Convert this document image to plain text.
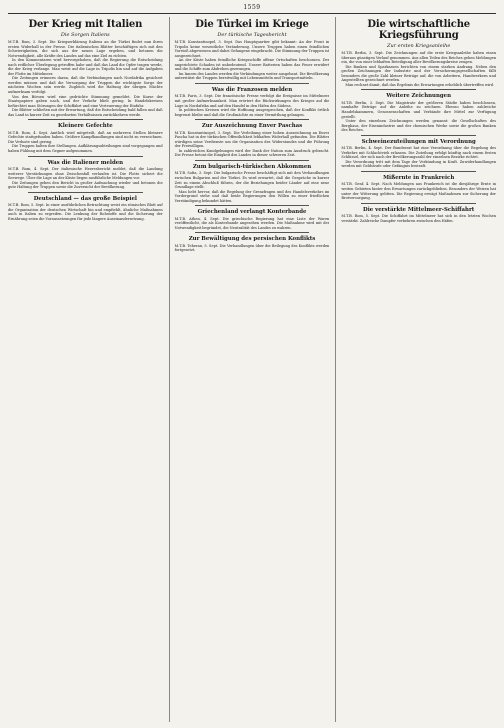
1559
Der Krieg mit Italien
Die Sorgen Italiens

M.T.B. Rom, 3. Sept. Die Kriegserklärung Italiens an die Türkei findet nun ihren ersten Widerhall in der Presse. Die italienischen Blätter beschäftigen sich mit den Schwierigkeiten, die sich aus der neuen Lage ergeben, und betonen die Notwendigkeit, alle Kräfte des Landes auf das eine Ziel zu richten.

In den Kommentaren wird hervorgehoben, daß die Regierung die Entscheidung nach reiflicher Überlegung getroffen habe und daß das Land die Opfer tragen werde, die der Krieg verlange. Man weist auf die Lage in Tripolis hin und auf die Aufgaben der Flotte im Mittelmeer.

Die Zeitungen erinnern daran, daß die Verbindungen nach Nordafrika gesichert werden müssen und daß die Versorgung der Truppen die wichtigste Sorge der nächsten Wochen sein werde. Zugleich wird die Haltung der übrigen Mächte aufmerksam verfolgt.

Von den Börsen wird eine gedrückte Stimmung gemeldet. Die Kurse der Staatspapiere gaben nach, und der Verkehr blieb gering. In Handelskreisen befürchtet man Störungen der Schiffahrt und eine Verteuerung der Einfuhr.

Die Blätter schließen mit der Erwartung, daß die Entscheidung bald fallen und daß das Land in kurzer Zeit zu geordneten Verhältnissen zurückkehren werde.

Kleinere Gefechte

M.T.B. Rom, 4. Sept. Amtlich wird mitgeteilt, daß an mehreren Stellen kleinere Gefechte stattgefunden haben. Größere Kampfhandlungen sind nicht zu verzeichnen. Die Verluste sind gering.

Die Truppen halten ihre Stellungen. Aufklärungsabteilungen sind vorgegangen und haben Fühlung mit dem Gegner aufgenommen.

Was die Italiener melden

M.T.B. Rom, 4. Sept. Der italienische Heeresbericht meldet, daß die Landung weiterer Verstärkungen ohne Zwischenfall verlaufen ist. Die Flotte sichert die Seewege. Über die Lage an der Küste liegen ausführliche Meldungen vor.

Die Zeitungen geben den Bericht in großer Aufmachung wieder und betonen die gute Haltung der Truppen sowie die Zuversicht der Bevölkerung.

Deutschland — das große Beispiel

M.T.B. Rom, 5. Sept. In einer ausführlichen Betrachtung weist ein römisches Blatt auf die Organisation der deutschen Wirtschaft hin und empfiehlt, ähnliche Maßnahmen auch in Italien zu ergreifen. Die Lenkung der Rohstoffe und die Sicherung der Ernährung seien die Voraussetzungen für jede längere Auseinandersetzung.

Die Türkei im Kriege
Der türkische Tagesbericht

M.T.B. Konstantinopel, 3. Sept. Das Hauptquartier gibt bekannt: An der Front in Tripolis keine wesentliche Veränderung. Unsere Truppen haben einen feindlichen Vorstoß abgewiesen und dabei Gefangene eingebracht. Die Stimmung der Truppen ist ausgezeichnet.

An der Küste haben feindliche Kriegsschiffe offene Ortschaften beschossen. Der angerichtete Schaden ist unbedeutend. Unsere Batterien haben das Feuer erwidert und die Schiffe zum Abdrehen gezwungen.

Im Innern des Landes werden die Verbindungen weiter ausgebaut. Die Bevölkerung unterstützt die Truppen bereitwillig mit Lebensmitteln und Transportmitteln.

Was die Franzosen melden

M.T.B. Paris, 3. Sept. Die französische Presse verfolgt die Ereignisse im Mittelmeer mit großer Aufmerksamkeit. Man erörtert die Rückwirkungen des Krieges auf die Lage in Nordafrika und auf den Handel in den Häfen des Südens.

In politischen Kreisen wird die Hoffnung ausgesprochen, daß der Konflikt örtlich begrenzt bleibe und daß die Großmächte zu einer Vermittlung gelangen.

Zur Auszeichnung Enver Paschas

M.T.B. Konstantinopel, 3. Sept. Die Verleihung einer hohen Auszeichnung an Enver Pascha hat in der türkischen Öffentlichkeit lebhaften Widerhall gefunden. Die Blätter würdigen seine Verdienste um die Organisation des Widerstandes und die Führung der Freiwilligen.

In zahlreichen Kundgebungen wird der Dank der Nation zum Ausdruck gebracht. Die Presse betont die Einigkeit des Landes in dieser schweren Zeit.

Zum bulgarisch-türkischen Abkommen

M.T.B. Sofia, 3. Sept. Die bulgarische Presse beschäftigt sich mit den Verhandlungen zwischen Bulgarien und der Türkei. Es wird erwartet, daß die Gespräche in kurzer Zeit zu einem Abschluß führen, der die Beziehungen beider Länder auf eine neue Grundlage stellt.

Man hebt hervor, daß die Regelung der Grenzfragen und des Handelsverkehrs im Vordergrund stehe und daß beide Regierungen den Willen zu einer friedlichen Verständigung bekundet hätten.

Griechenland verlangt Konterbande

M.T.B. Athen, 4. Sept. Die griechische Regierung hat eine Liste der Waren veröffentlicht, die als Konterbande angesehen werden. Die Maßnahme wird mit der Notwendigkeit begründet, die Neutralität des Landes zu wahren.

Zur Bewältigung des persischen Konflikts

M.T.B. Teheran, 5. Sept. Die Verhandlungen über die Beilegung des Konflikts werden fortgesetzt.

Die wirtschaftliche Kriegsführung
Zur ersten Kriegsanleihe

M.T.B. Berlin, 3. Sept. Die Zeichnungen auf die erste Kriegsanleihe haben einen überaus günstigen Verlauf genommen. Aus allen Teilen des Reiches gehen Meldungen ein, die von einer lebhaften Beteiligung aller Bevölkerungskreise zeugen.

Die Banken und Sparkassen berichten von einem starken Andrang. Neben den großen Zeichnungen der Industrie und der Versicherungsgesellschaften fällt besonders die große Zahl kleiner Beträge auf, die von Arbeitern, Handwerkern und Angestellten gezeichnet werden.

Man rechnet damit, daß das Ergebnis die Erwartungen erheblich übertreffen wird.

Weitere Zeichnungen

M.T.B. Berlin, 3. Sept. Die Magistrate der größeren Städte haben beschlossen, namhafte Beträge auf die Anleihe zu zeichnen. Ebenso haben zahlreiche Handelskammern, Genossenschaften und Verbände ihre Mittel zur Verfügung gestellt.

Unter den einzelnen Zeichnungen werden genannt: die Gesellschaften des Bergbaus, der Eisenindustrie und der chemischen Werke sowie die großen Banken des Reiches.

Schweinezuteilungen mit Verordnung

M.T.B. Berlin, 4. Sept. Der Bundesrat hat eine Verordnung über die Regelung des Verkehrs mit Schlachtvieh erlassen. Die Zuteilung erfolgt künftig nach einem festen Schlüssel, der sich nach der Bevölkerungszahl der einzelnen Bezirke richtet.

Die Verordnung tritt mit dem Tage der Verkündung in Kraft. Zuwiderhandlungen werden mit Geldstrafe oder Gefängnis bestraft.

Mißernte in Frankreich

M.T.B. Genf, 4. Sept. Nach Meldungen aus Frankreich ist die diesjährige Ernte in weiten Gebieten hinter den Erwartungen zurückgeblieben. Besonders der Weizen hat unter der Witterung gelitten. Die Regierung erwägt Maßnahmen zur Sicherung der Brotversorgung.

Die verstärkte Mittelmeer-Schiffahrt

M.T.B. Rom, 5. Sept. Die Schiffahrt im Mittelmeer hat sich in den letzten Wochen verstärkt. Zahlreiche Dampfer verkehren zwischen den Häfen.
